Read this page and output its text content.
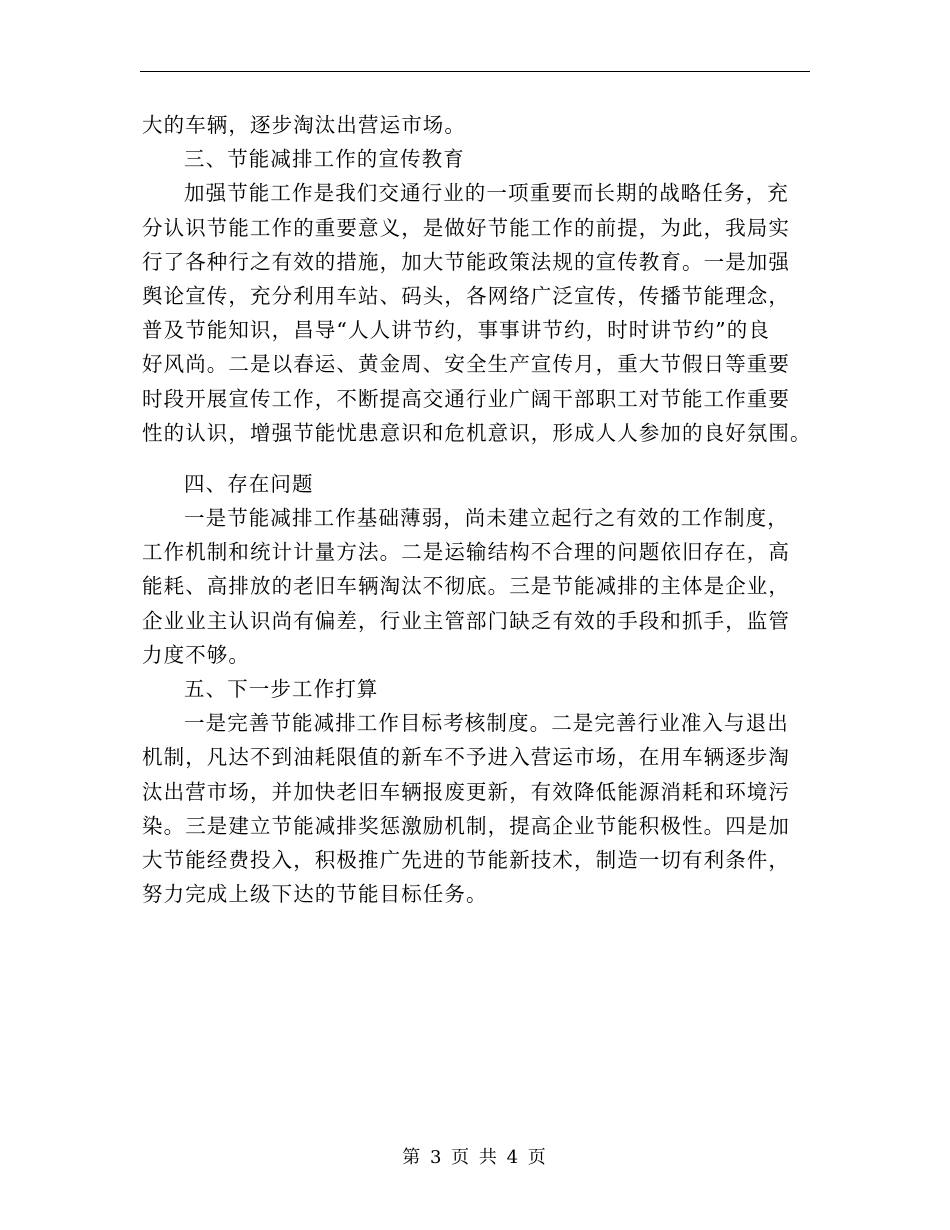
大的车辆，逐步淘汰出营运市场。
三、节能减排工作的宣传教育
加强节能工作是我们交通行业的一项重要而长期的战略任务，充
分认识节能工作的重要意义，是做好节能工作的前提，为此，我局实
行了各种行之有效的措施，加大节能政策法规的宣传教育。一是加强
舆论宣传，充分利用车站、码头，各网络广泛宣传，传播节能理念，
普及节能知识，昌导“人人讲节约，事事讲节约，时时讲节约”的良
好风尚。二是以春运、黄金周、安全生产宣传月，重大节假日等重要
时段开展宣传工作，不断提高交通行业广阔干部职工对节能工作重要
性的认识，增强节能忧患意识和危机意识，形成人人参加的良好氛围。
四、存在问题
一是节能减排工作基础薄弱，尚未建立起行之有效的工作制度，
工作机制和统计计量方法。二是运输结构不合理的问题依旧存在，高
能耗、高排放的老旧车辆淘汰不彻底。三是节能减排的主体是企业，
企业业主认识尚有偏差，行业主管部门缺乏有效的手段和抓手，监管
力度不够。
五、下一步工作打算
一是完善节能减排工作目标考核制度。二是完善行业准入与退出
机制，凡达不到油耗限值的新车不予进入营运市场，在用车辆逐步淘
汰出营市场，并加快老旧车辆报废更新，有效降低能源消耗和环境污
染。三是建立节能减排奖惩激励机制，提高企业节能积极性。四是加
大节能经费投入，积极推广先进的节能新技术，制造一切有利条件，
努力完成上级下达的节能目标任务。
第 3 页 共 4 页
